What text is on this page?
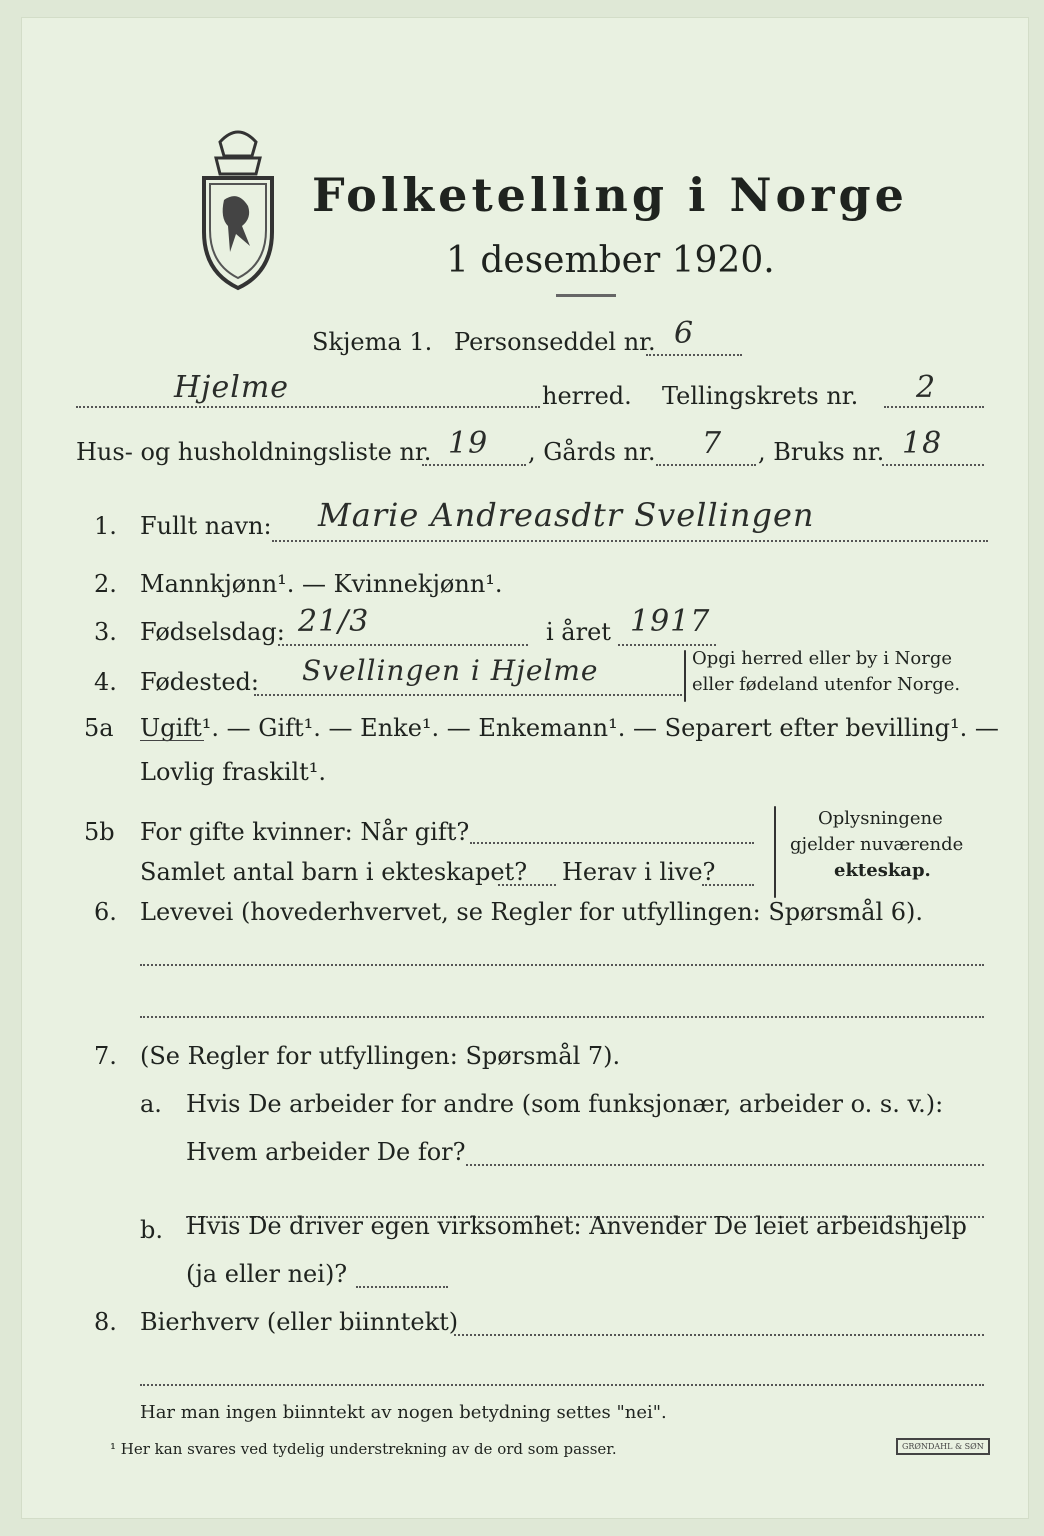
Folketelling i Norge
1 desember 1920.
Skjema 1. Personseddel nr. 6
Hjelme	herred. Tellingskrets nr. 2
Hus- og husholdningsliste nr. 19 , Gårds nr. 7 , Bruks nr. 18
1. Fullt navn: Marie Andreasdtr Svellingen
2. Mannkjønn¹. — Kvinnekjønn¹.
3. Fødselsdag: 21/3	i året 1917
4. Fødested: Svellingen i Hjelme	Opgi herred eller by i Norge
eller fødeland utenfor Norge.
5a Ugift¹. — Gift¹. — Enke¹. — Enkemann¹. — Separert efter bevilling¹. —
Lovlig fraskilt¹.
5b For gifte kvinner: Når gift?
Samlet antal barn i ekteskapet? Herav i live?
Oplysningene
gjelder nuværende
ekteskap.
6. Levevei (hovederhvervet, se Regler for utfyllingen: Spørsmål 6).
7. (Se Regler for utfyllingen: Spørsmål 7).
a. Hvis De arbeider for andre (som funksjonær, arbeider o. s. v.):
Hvem arbeider De for?
b. Hvis De driver egen virksomhet: Anvender De leiet arbeidshjelp
(ja eller nei)?
8. Bierhverv (eller biinntekt)
Har man ingen biinntekt av nogen betydning settes "nei".
¹ Her kan svares ved tydelig understrekning av de ord som passer.	GRØNDAHL & SØN
